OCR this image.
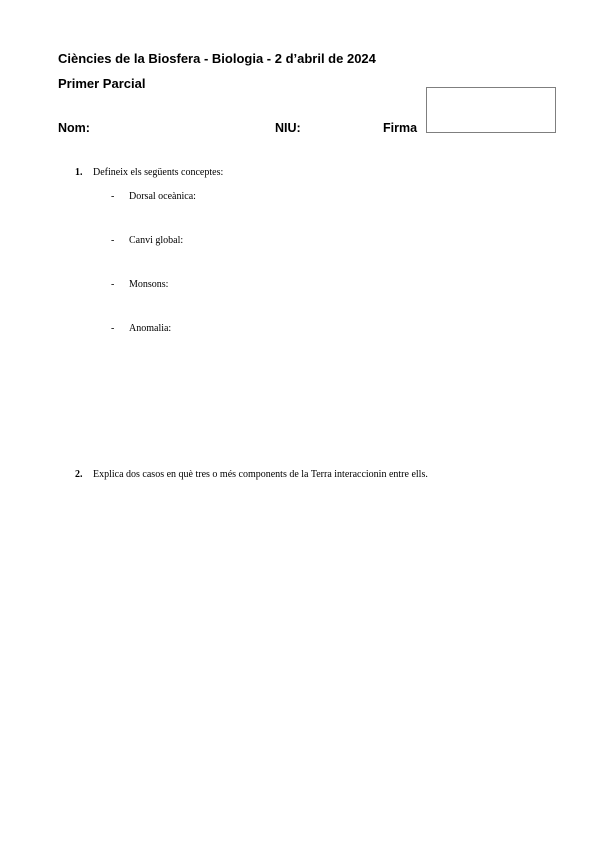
Ciències de la Biosfera - Biologia - 2 d’abril de 2024
Primer Parcial
Nom:	NIU:	Firma
1. Defineix els següents conceptes:
- Dorsal oceànica:
- Canvi global:
- Monsons:
- Anomalia:
2. Explica dos casos en què tres o més components de la Terra interaccionin entre ells.
